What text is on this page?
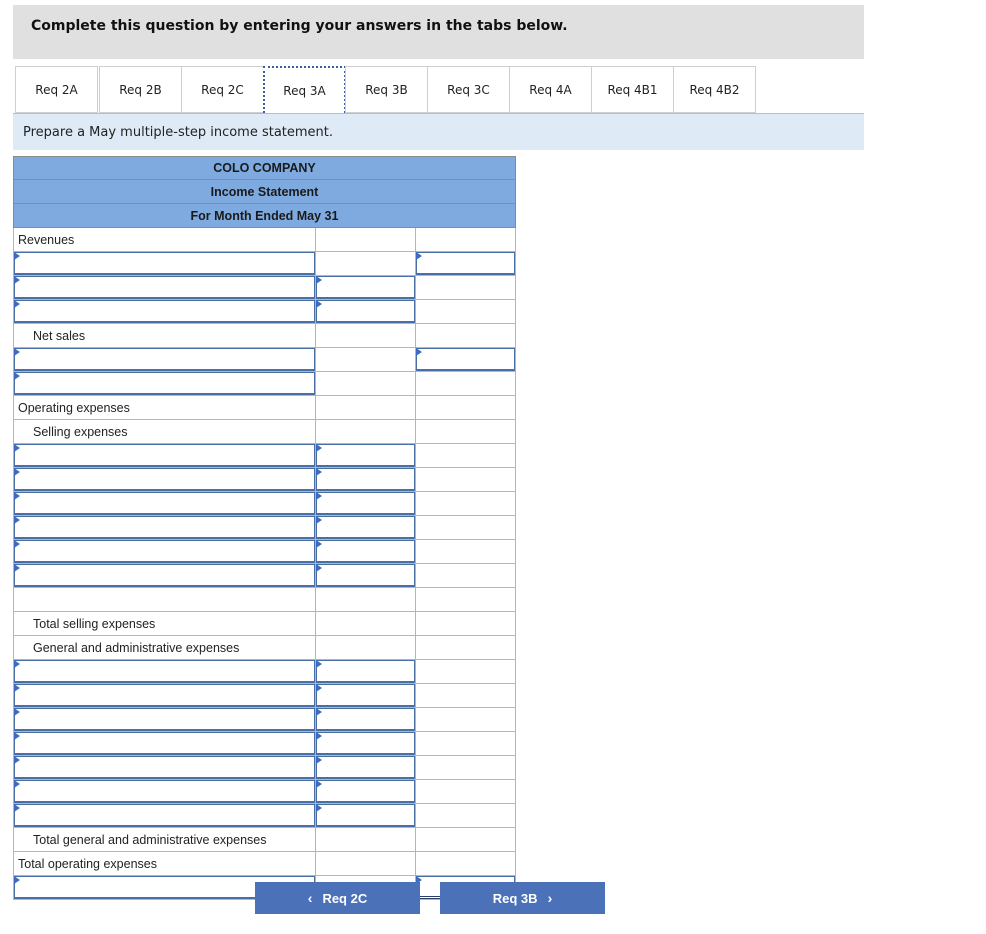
Complete this question by entering your answers in the tabs below.
Req 2A	Req 2B	Req 2C	Req 3A	Req 3B	Req 3C	Req 4A	Req 4B1	Req 4B2
Prepare a May multiple-step income statement.
COLO COMPANY
Income Statement
For Month Ended May 31
Revenues
Net sales
Operating expenses
Selling expenses
Total selling expenses
General and administrative expenses
Total general and administrative expenses
Total operating expenses
‹ Req 2C	Req 3B ›
